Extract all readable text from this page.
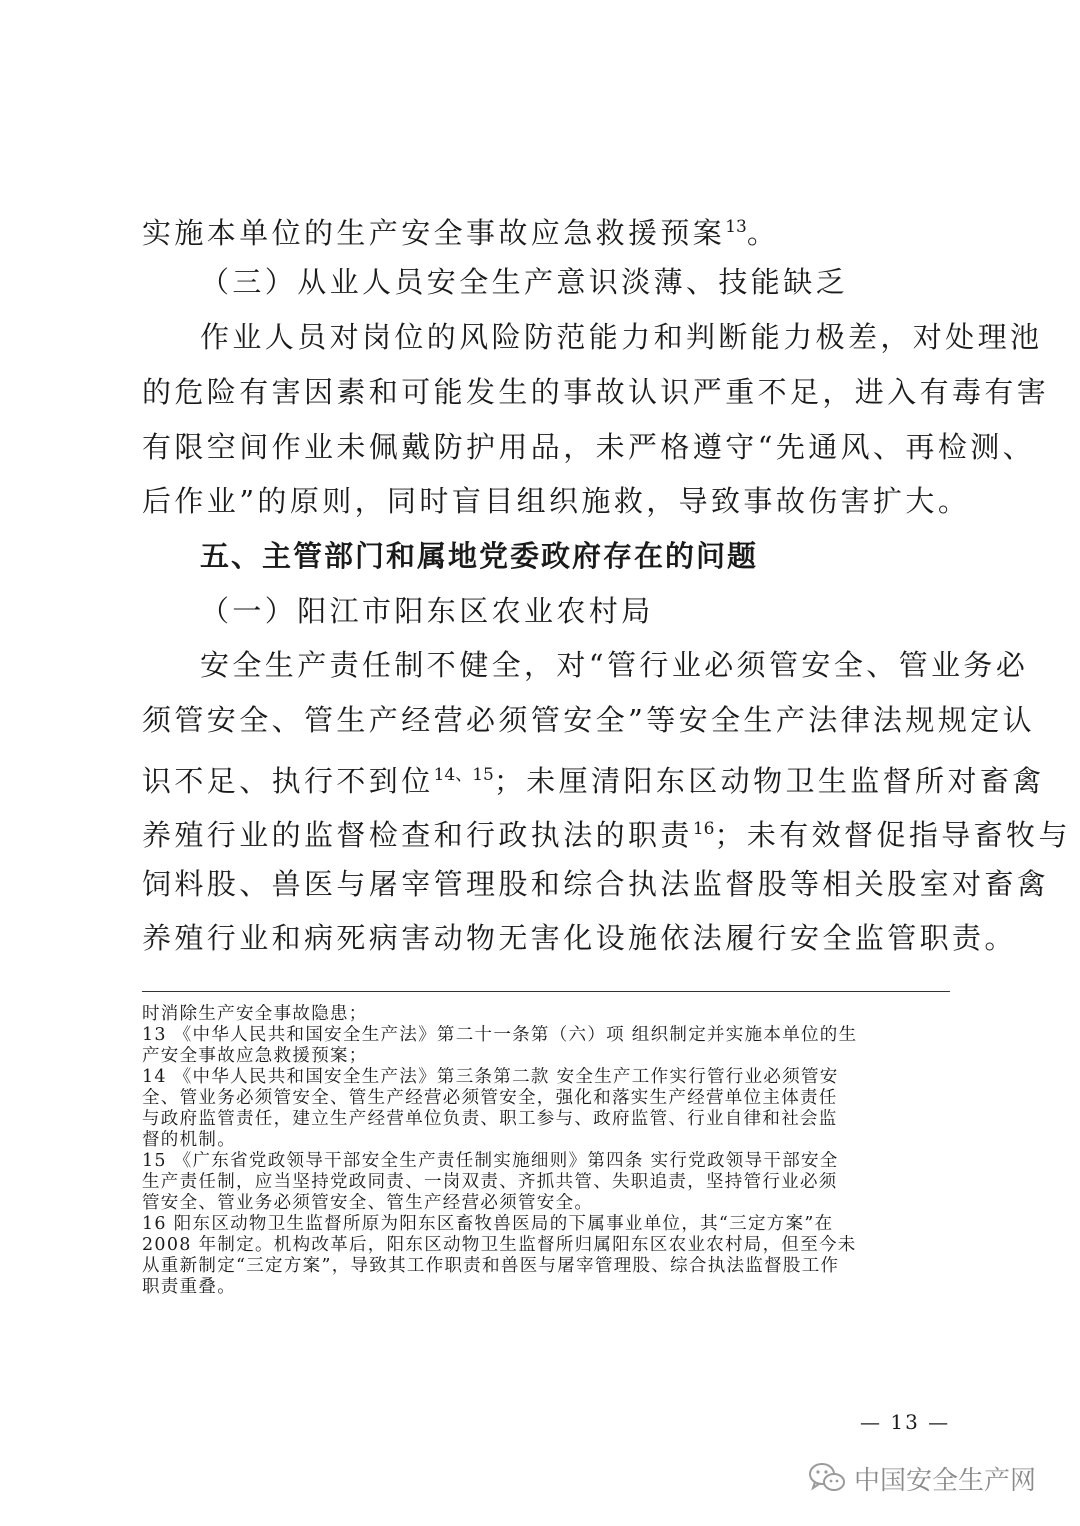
实施本单位的生产安全事故应急救援预案$^{13}$。
（三）从业人员安全生产意识淡薄、技能缺乏
作业人员对岗位的风险防范能力和判断能力极差，对处理池
的危险有害因素和可能发生的事故认识严重不足，进入有毒有害
有限空间作业未佩戴防护用品，未严格遵守“先通风、再检测、
后作业”的原则，同时盲目组织施救，导致事故伤害扩大。
五、主管部门和属地党委政府存在的问题
（一）阳江市阳东区农业农村局
安全生产责任制不健全，对“管行业必须管安全、管业务必
须管安全、管生产经营必须管安全”等安全生产法律法规规定认
识不足、执行不到位$^{14、15}$；未厘清阳东区动物卫生监督所对畜禽
养殖行业的监督检查和行政执法的职责$^{16}$；未有效督促指导畜牧与
饲料股、兽医与屠宰管理股和综合执法监督股等相关股室对畜禽
养殖行业和病死病害动物无害化设施依法履行安全监管职责。
时消除生产安全事故隐患；
13 《中华人民共和国安全生产法》第二十一条第（六）项 组织制定并实施本单位的生
产安全事故应急救援预案；
14 《中华人民共和国安全生产法》第三条第二款 安全生产工作实行管行业必须管安
全、管业务必须管安全、管生产经营必须管安全，强化和落实生产经营单位主体责任
与政府监管责任，建立生产经营单位负责、职工参与、政府监管、行业自律和社会监
督的机制。
15 《广东省党政领导干部安全生产责任制实施细则》第四条 实行党政领导干部安全
生产责任制，应当坚持党政同责、一岗双责、齐抓共管、失职追责，坚持管行业必须
管安全、管业务必须管安全、管生产经营必须管安全。
16 阳东区动物卫生监督所原为阳东区畜牧兽医局的下属事业单位，其“三定方案”在
2008 年制定。机构改革后，阳东区动物卫生监督所归属阳东区农业农村局，但至今未
从重新制定“三定方案”，导致其工作职责和兽医与屠宰管理股、综合执法监督股工作
职责重叠。
— 13 —
中国安全生产网
